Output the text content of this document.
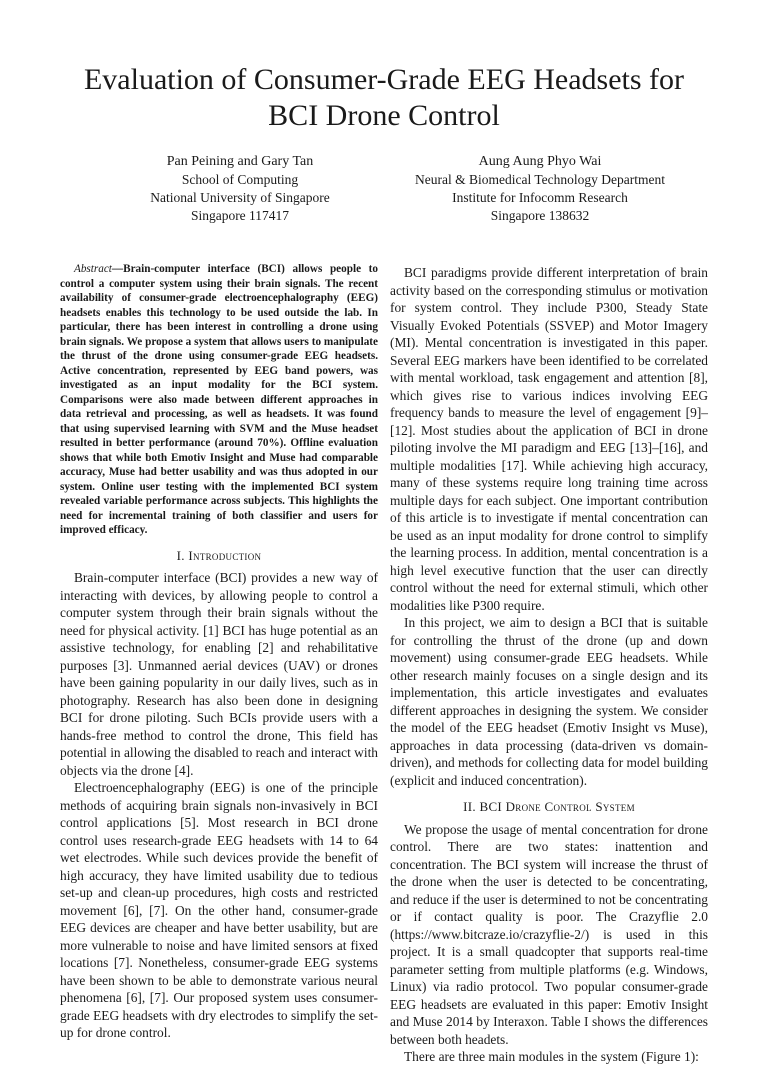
Evaluation of Consumer-Grade EEG Headsets for
BCI Drone Control
Pan Peining and Gary Tan
School of Computing
National University of Singapore
Singapore 117417
Aung Aung Phyo Wai
Neural & Biomedical Technology Department
Institute for Infocomm Research
Singapore 138632

Abstract—Brain-computer interface (BCI) allows people to control a computer system using their brain signals. The recent availability of consumer-grade electroencephalography (EEG) headsets enables this technology to be used outside the lab. In particular, there has been interest in controlling a drone using brain signals. We propose a system that allows users to manipulate the thrust of the drone using consumer-grade EEG headsets. Active concentration, represented by EEG band powers, was investigated as an input modality for the BCI system. Comparisons were also made between different approaches in data retrieval and processing, as well as headsets. It was found that using supervised learning with SVM and the Muse headset resulted in better performance (around 70%). Offline evaluation shows that while both Emotiv Insight and Muse had comparable accuracy, Muse had better usability and was thus adopted in our system. Online user testing with the implemented BCI system revealed variable performance across subjects. This highlights the need for incremental training of both classifier and users for improved efficacy.

I. Introduction

Brain-computer interface (BCI) provides a new way of interacting with devices, by allowing people to control a computer system through their brain signals without the need for physical activity. [1] BCI has huge potential as an assistive technology, for enabling [2] and rehabilitative purposes [3]. Unmanned aerial devices (UAV) or drones have been gaining popularity in our daily lives, such as in photography. Research has also been done in designing BCI for drone piloting. Such BCIs provide users with a hands-free method to control the drone, This field has potential in allowing the disabled to reach and interact with objects via the drone [4].

Electroencephalography (EEG) is one of the principle methods of acquiring brain signals non-invasively in BCI control applications [5]. Most research in BCI drone control uses research-grade EEG headsets with 14 to 64 wet electrodes. While such devices provide the benefit of high accuracy, they have limited usability due to tedious set-up and clean-up procedures, high costs and restricted movement [6], [7]. On the other hand, consumer-grade EEG devices are cheaper and have better usability, but are more vulnerable to noise and have limited sensors at fixed locations [7]. Nonetheless, consumer-grade EEG systems have been shown to be able to demonstrate various neural phenomena [6], [7]. Our proposed system uses consumer-grade EEG headsets with dry electrodes to simplify the set-up for drone control.

BCI paradigms provide different interpretation of brain activity based on the corresponding stimulus or motivation for system control. They include P300, Steady State Visually Evoked Potentials (SSVEP) and Motor Imagery (MI). Mental concentration is investigated in this paper. Several EEG markers have been identified to be correlated with mental workload, task engagement and attention [8], which gives rise to various indices involving EEG frequency bands to measure the level of engagement [9]–[12]. Most studies about the application of BCI in drone piloting involve the MI paradigm and EEG [13]–[16], and multiple modalities [17]. While achieving high accuracy, many of these systems require long training time across multiple days for each subject. One important contribution of this article is to investigate if mental concentration can be used as an input modality for drone control to simplify the learning process. In addition, mental concentration is a high level executive function that the user can directly control without the need for external stimuli, which other modalities like P300 require.

In this project, we aim to design a BCI that is suitable for controlling the thrust of the drone (up and down movement) using consumer-grade EEG headsets. While other research mainly focuses on a single design and its implementation, this article investigates and evaluates different approaches in designing the system. We consider the model of the EEG headset (Emotiv Insight vs Muse), approaches in data processing (data-driven vs domain-driven), and methods for collecting data for model building (explicit and induced concentration).

II. BCI Drone Control System

We propose the usage of mental concentration for drone control. There are two states: inattention and concentration. The BCI system will increase the thrust of the drone when the user is detected to be concentrating, and reduce if the user is determined to not be concentrating or if contact quality is poor. The Crazyflie 2.0 (https://www.bitcraze.io/crazyflie-2/) is used in this project. It is a small quadcopter that supports real-time parameter setting from multiple platforms (e.g. Windows, Linux) via radio protocol. Two popular consumer-grade EEG headsets are evaluated in this paper: Emotiv Insight and Muse 2014 by Interaxon. Table I shows the differences between both headets.

There are three main modules in the system (Figure 1):
